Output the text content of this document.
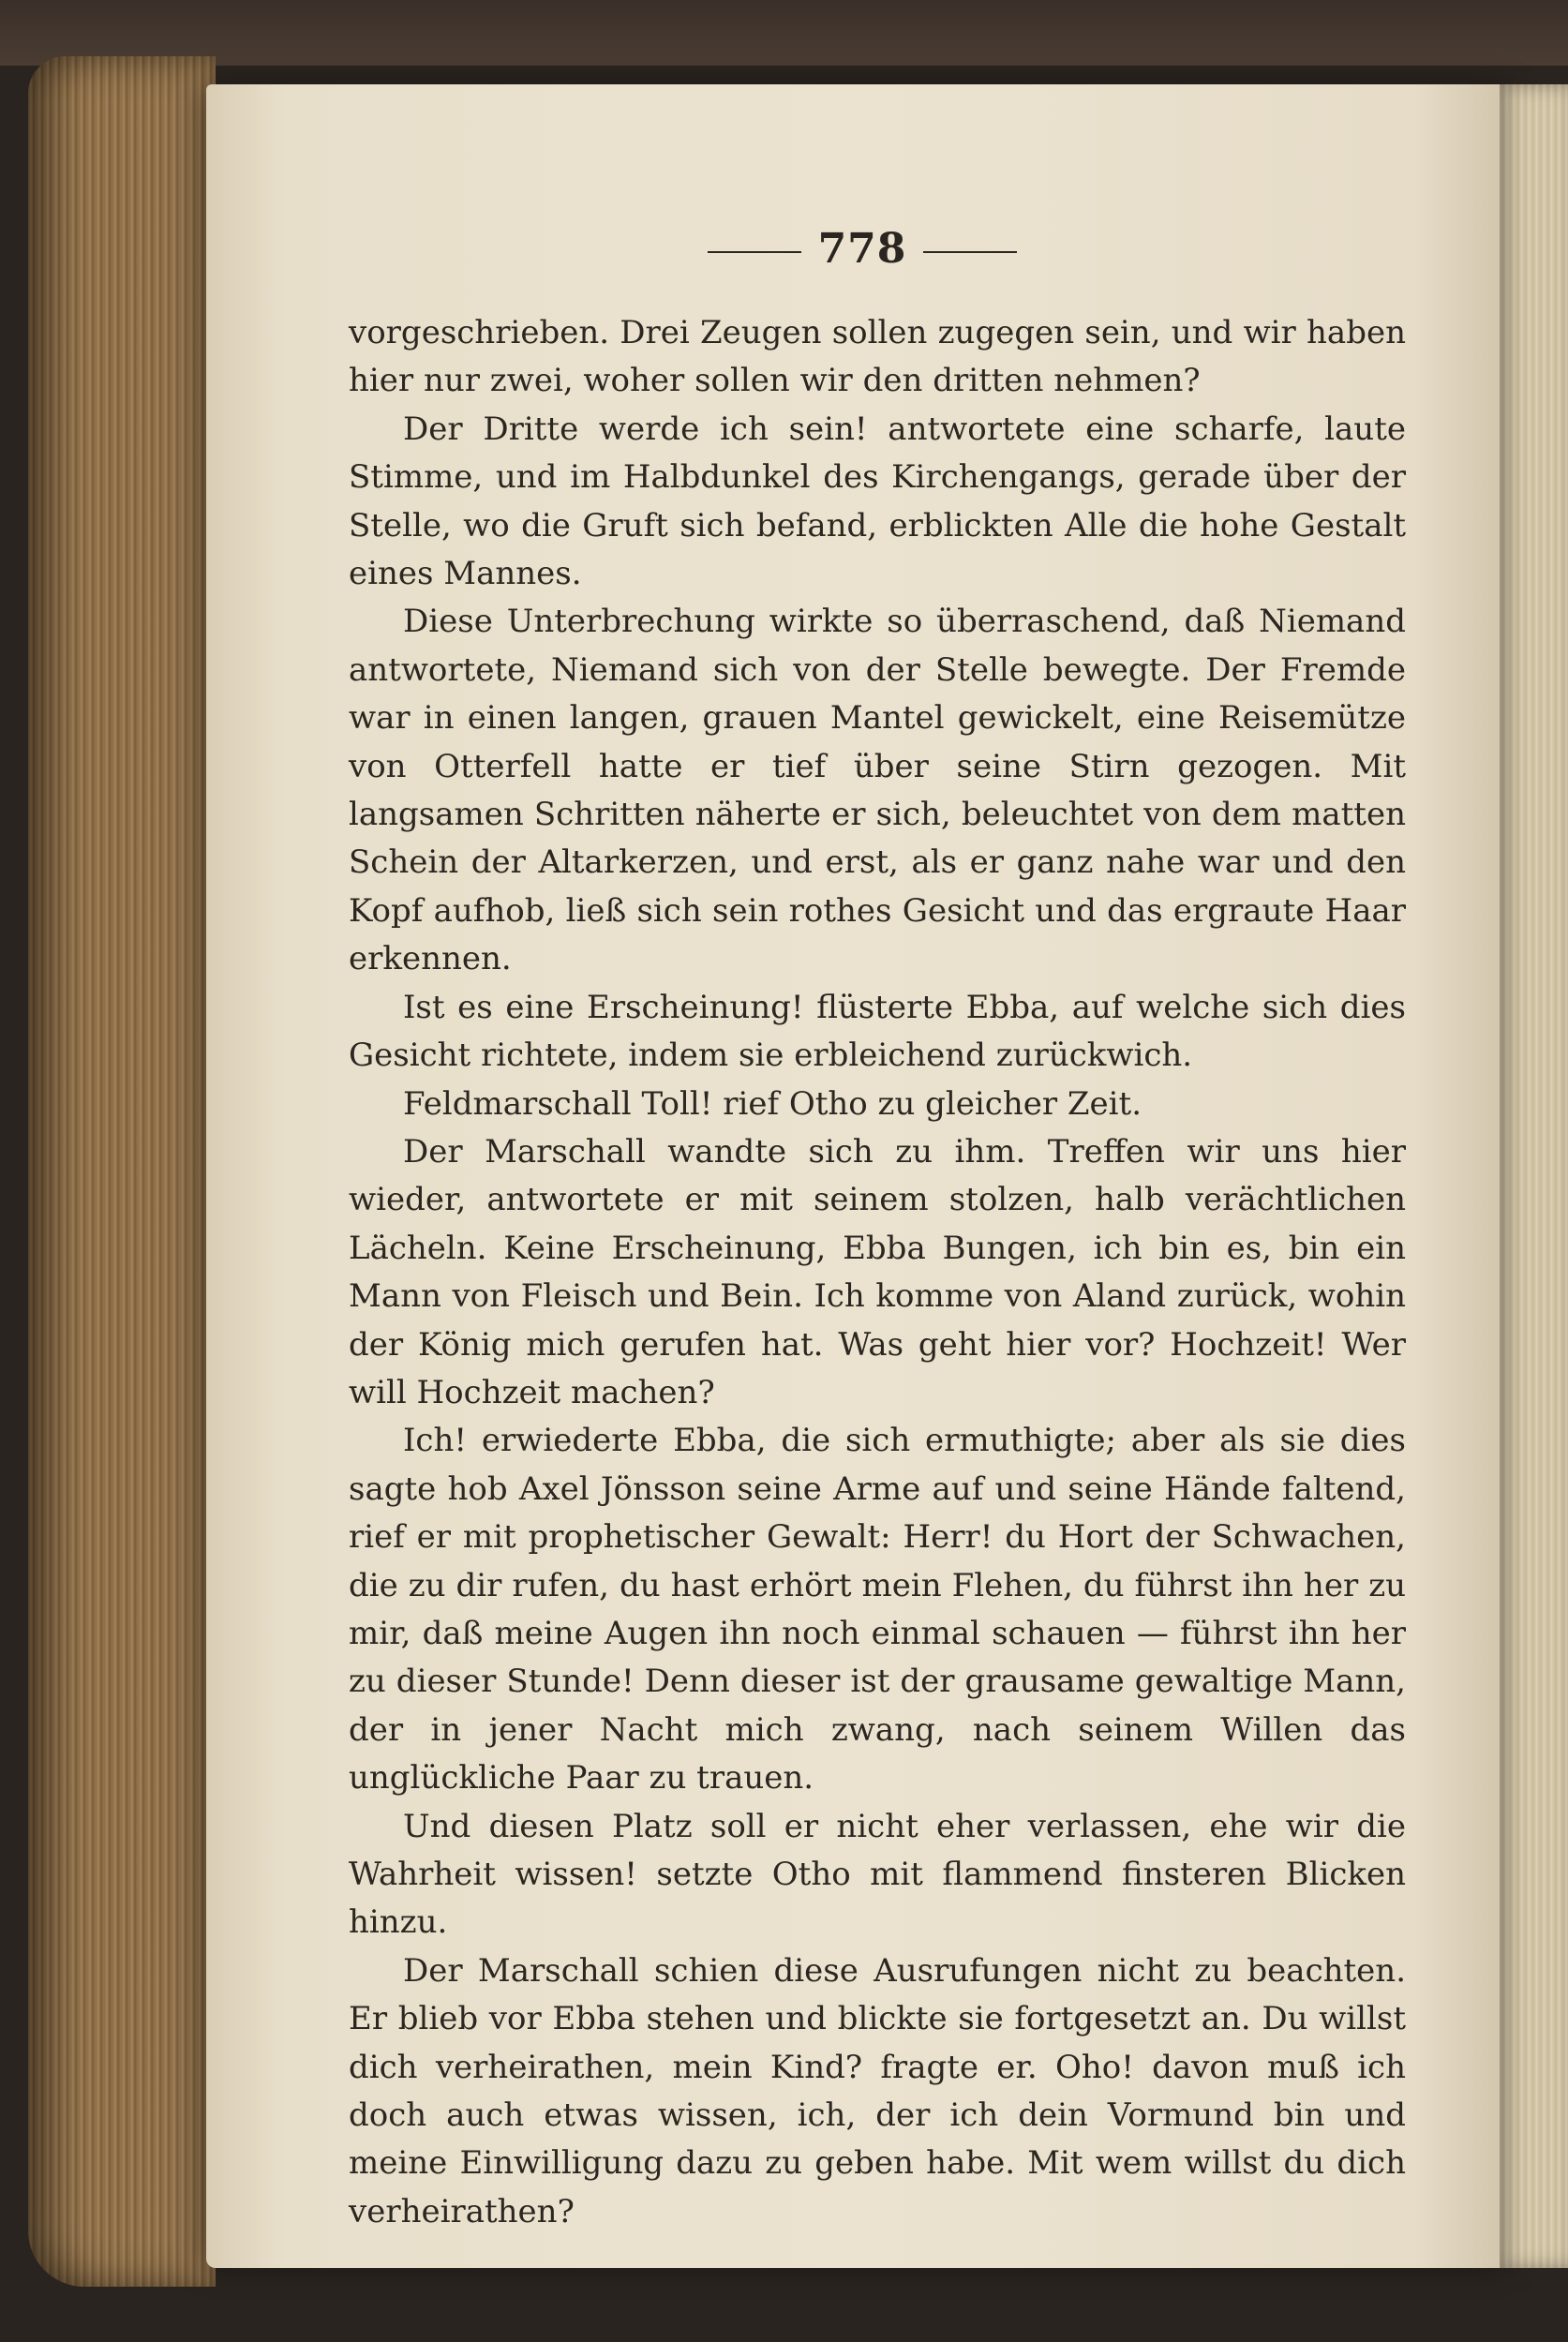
778

vorgeschrieben. Drei Zeugen sollen zugegen sein, und wir haben hier nur zwei, woher sollen wir den dritten nehmen?

Der Dritte werde ich sein! antwortete eine scharfe, laute Stimme, und im Halbdunkel des Kirchengangs, gerade über der Stelle, wo die Gruft sich befand, erblickten Alle die hohe Gestalt eines Mannes.

Diese Unterbrechung wirkte so überraschend, daß Niemand antwortete, Niemand sich von der Stelle bewegte. Der Fremde war in einen langen, grauen Mantel gewickelt, eine Reisemütze von Otterfell hatte er tief über seine Stirn gezogen. Mit langsamen Schritten näherte er sich, beleuchtet von dem matten Schein der Altarkerzen, und erst, als er ganz nahe war und den Kopf aufhob, ließ sich sein rothes Gesicht und das ergraute Haar erkennen.

Ist es eine Erscheinung! flüsterte Ebba, auf welche sich dies Gesicht richtete, indem sie erbleichend zurückwich.

Feldmarschall Toll! rief Otho zu gleicher Zeit.

Der Marschall wandte sich zu ihm. Treffen wir uns hier wieder, antwortete er mit seinem stolzen, halb verächtlichen Lächeln. Keine Erscheinung, Ebba Bungen, ich bin es, bin ein Mann von Fleisch und Bein. Ich komme von Aland zurück, wohin der König mich gerufen hat. Was geht hier vor? Hochzeit! Wer will Hochzeit machen?

Ich! erwiederte Ebba, die sich ermuthigte; aber als sie dies sagte hob Axel Jönsson seine Arme auf und seine Hände faltend, rief er mit prophetischer Gewalt: Herr! du Hort der Schwachen, die zu dir rufen, du hast erhört mein Flehen, du führst ihn her zu mir, daß meine Augen ihn noch einmal schauen — führst ihn her zu dieser Stunde! Denn dieser ist der grausame gewaltige Mann, der in jener Nacht mich zwang, nach seinem Willen das unglückliche Paar zu trauen.

Und diesen Platz soll er nicht eher verlassen, ehe wir die Wahrheit wissen! setzte Otho mit flammend finsteren Blicken hinzu.

Der Marschall schien diese Ausrufungen nicht zu beachten. Er blieb vor Ebba stehen und blickte sie fortgesetzt an. Du willst dich verheirathen, mein Kind? fragte er. Oho! davon muß ich doch auch etwas wissen, ich, der ich dein Vormund bin und meine Einwilligung dazu zu geben habe. Mit wem willst du dich verheirathen?
